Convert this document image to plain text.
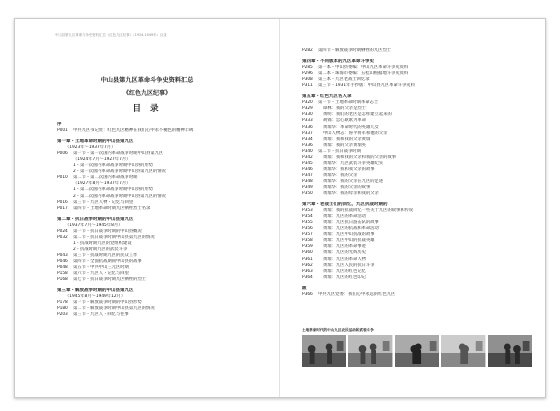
中山县第九区革命斗争史资料汇总《红色九区纪事》（1924-1949年）目录
中山县第九区革命斗争史资料汇总
《红色九区纪事》
目 录
序
P001 中共九区书记处：红色九区精神在我们心中永不褪色的精神丰碑
第一章・土地革命时期的中山县第九区
（1923年～1937年7月）
P006 第一节・第一次国内革命战争时期中山县第九区
（1924年7月～1927年7月）
1・第一次国内革命战争时期中山县的形势
2・第一次国内革命战争时期中山县第九区的情况
P010 第二节・第二次国内革命战争时期
（1927年8月～1937年7月）
1・第二次国内革命战争时期中山县的形势
2・第二次国内革命战争时期中山县第九区的情况
P016 第三节・九区人物・记忆与回望
P017 第四节・土地革命时期九区牺牲烈士名录
第二章・抗日战争时期的中山县第九区
（1937年7月～1945年8月）
P024 第一节・抗日战争时期的中山县概况
P032 第二节・抗日战争时期中山县第九区的情况
1・抗战时期九区的党组织建设
2・抗战时期九区的武装斗争
P043 第三节・抗战时期九区的民众工作
P046 第四节・全面抗战期间中山县的战事
P048 第五节・中共中山三元区时期
P158 第六节・九区人・记忆与回望
P168 第七节・抗日战争时期九区牺牲的烈士
第三章・解放战争时期的中山县第九区
（1945年8月～1949年12月）
P178 第一节・解放战争时期的中山县形势
P180 第二节・解放战争时期中山县第九区的情况
P203 第三节・九区人・回忆与往事
P282 第四节・解放战争时期牺牲的九区烈士
第四章・不同版本的九区革命斗争史
P285 第一本・中山县委编：中山九区革命斗争史资料
P296 第二本・珠海市委编：五桂山根据地斗争史资料
P308 第三本・九区老战士回忆录
P311 第三节・1931年手抄版：中山县九区革命斗争史料
第五章・红色九区名人录
P320 第一节・土地革命时期革命志士
P329 谭林：我的父亲是烈士
P330 黄明：我们的老区是怎样建立起来的
P333 胡锦：忠心耿耿为革命
P336 黄瑞华：革命时代的英雄儿女
P337 中山人物志：鲁平将军和他的父亲
P334 黄瑞：我和我的父亲黄瑞
P336 黄瑞：我的父亲黄瑞英
P340 第二节・抗日战争时期
P342 黄瑞：我和我的父亲和我的父亲的故事
P345 黄瑞华：九区武装斗争英雄纪实
P346 黄瑞华：我和我父亲的故事
P347 黄瑞华：我的父亲
P348 黄瑞华：我的父亲在九区的足迹
P349 黄瑞华：我的父亲的故事
P350 黄瑞华：我的母亲和我的父亲
第六章・老战士们的回忆，九区抗战时期的
P353 黄瑞：我的抗战回忆一些关于九区的故事和传说
P354 黄瑞：九区的革命活动
P355 黄瑞：九区抗日游击队的故事
P356 黄瑞：九区的抗战和革命活动
P357 黄瑞：九区中山抗战的故事
P358 黄瑞：九区中山的抗战英雄
P359 黄瑞：九区的革命事迹
P360 黄瑞：九区的光辉历史
P361 黄瑞：九区的革命人物
P362 黄瑞：九区人民的抗日斗争
P363 黄瑞：九区的红色记忆
P364 黄瑞：九区的红色印记
跋
P366 中共九区党委：我们心中永远的红色九区
土地革命时代的中山九区农民运动和武装斗争
